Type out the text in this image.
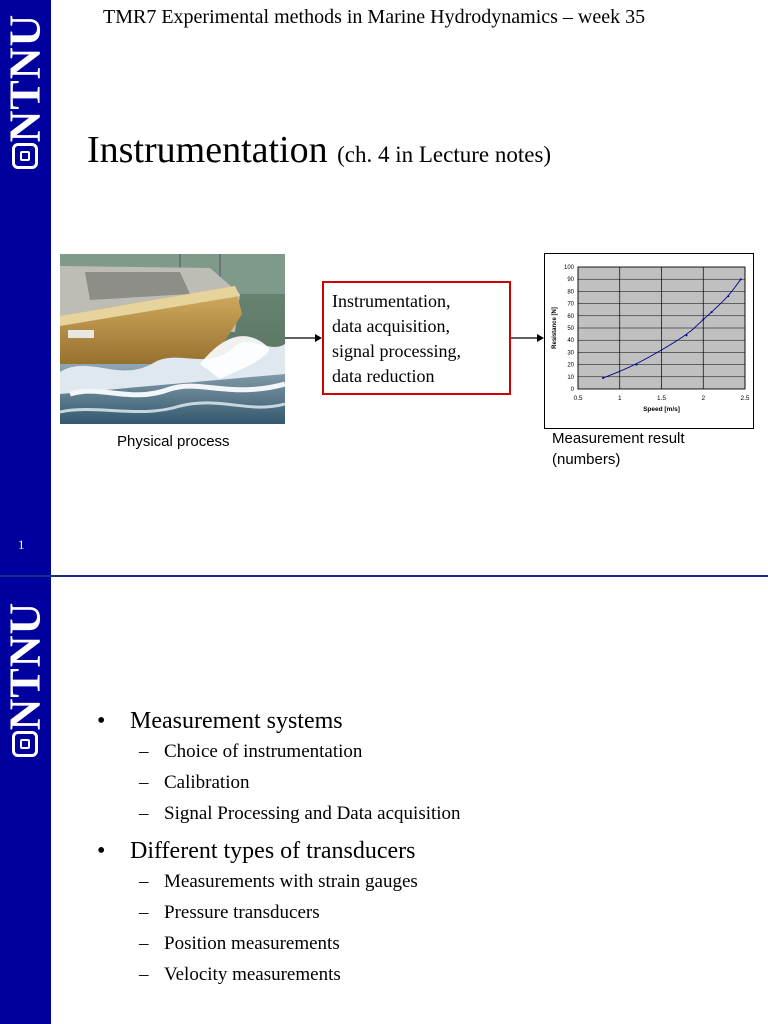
NTNU
1
TMR7 Experimental methods in Marine Hydrodynamics – week 35
Instrumentation (ch. 4 in Lecture notes)
Physical process
Instrumentation,
data acquisition,
signal processing,
data reduction
0
10
20
30
40
50
60
70
80
90
100
0.5	1	1.5	2	2.5
Speed [m/s]
Resistance [N]
Measurement result
(numbers)
NTNU
•	Measurement systems
– Choice of instrumentation
– Calibration
– Signal Processing and Data acquisition
• Different types of transducers
– Measurements with strain gauges
– Pressure transducers
– Position measurements
– Velocity measurements
